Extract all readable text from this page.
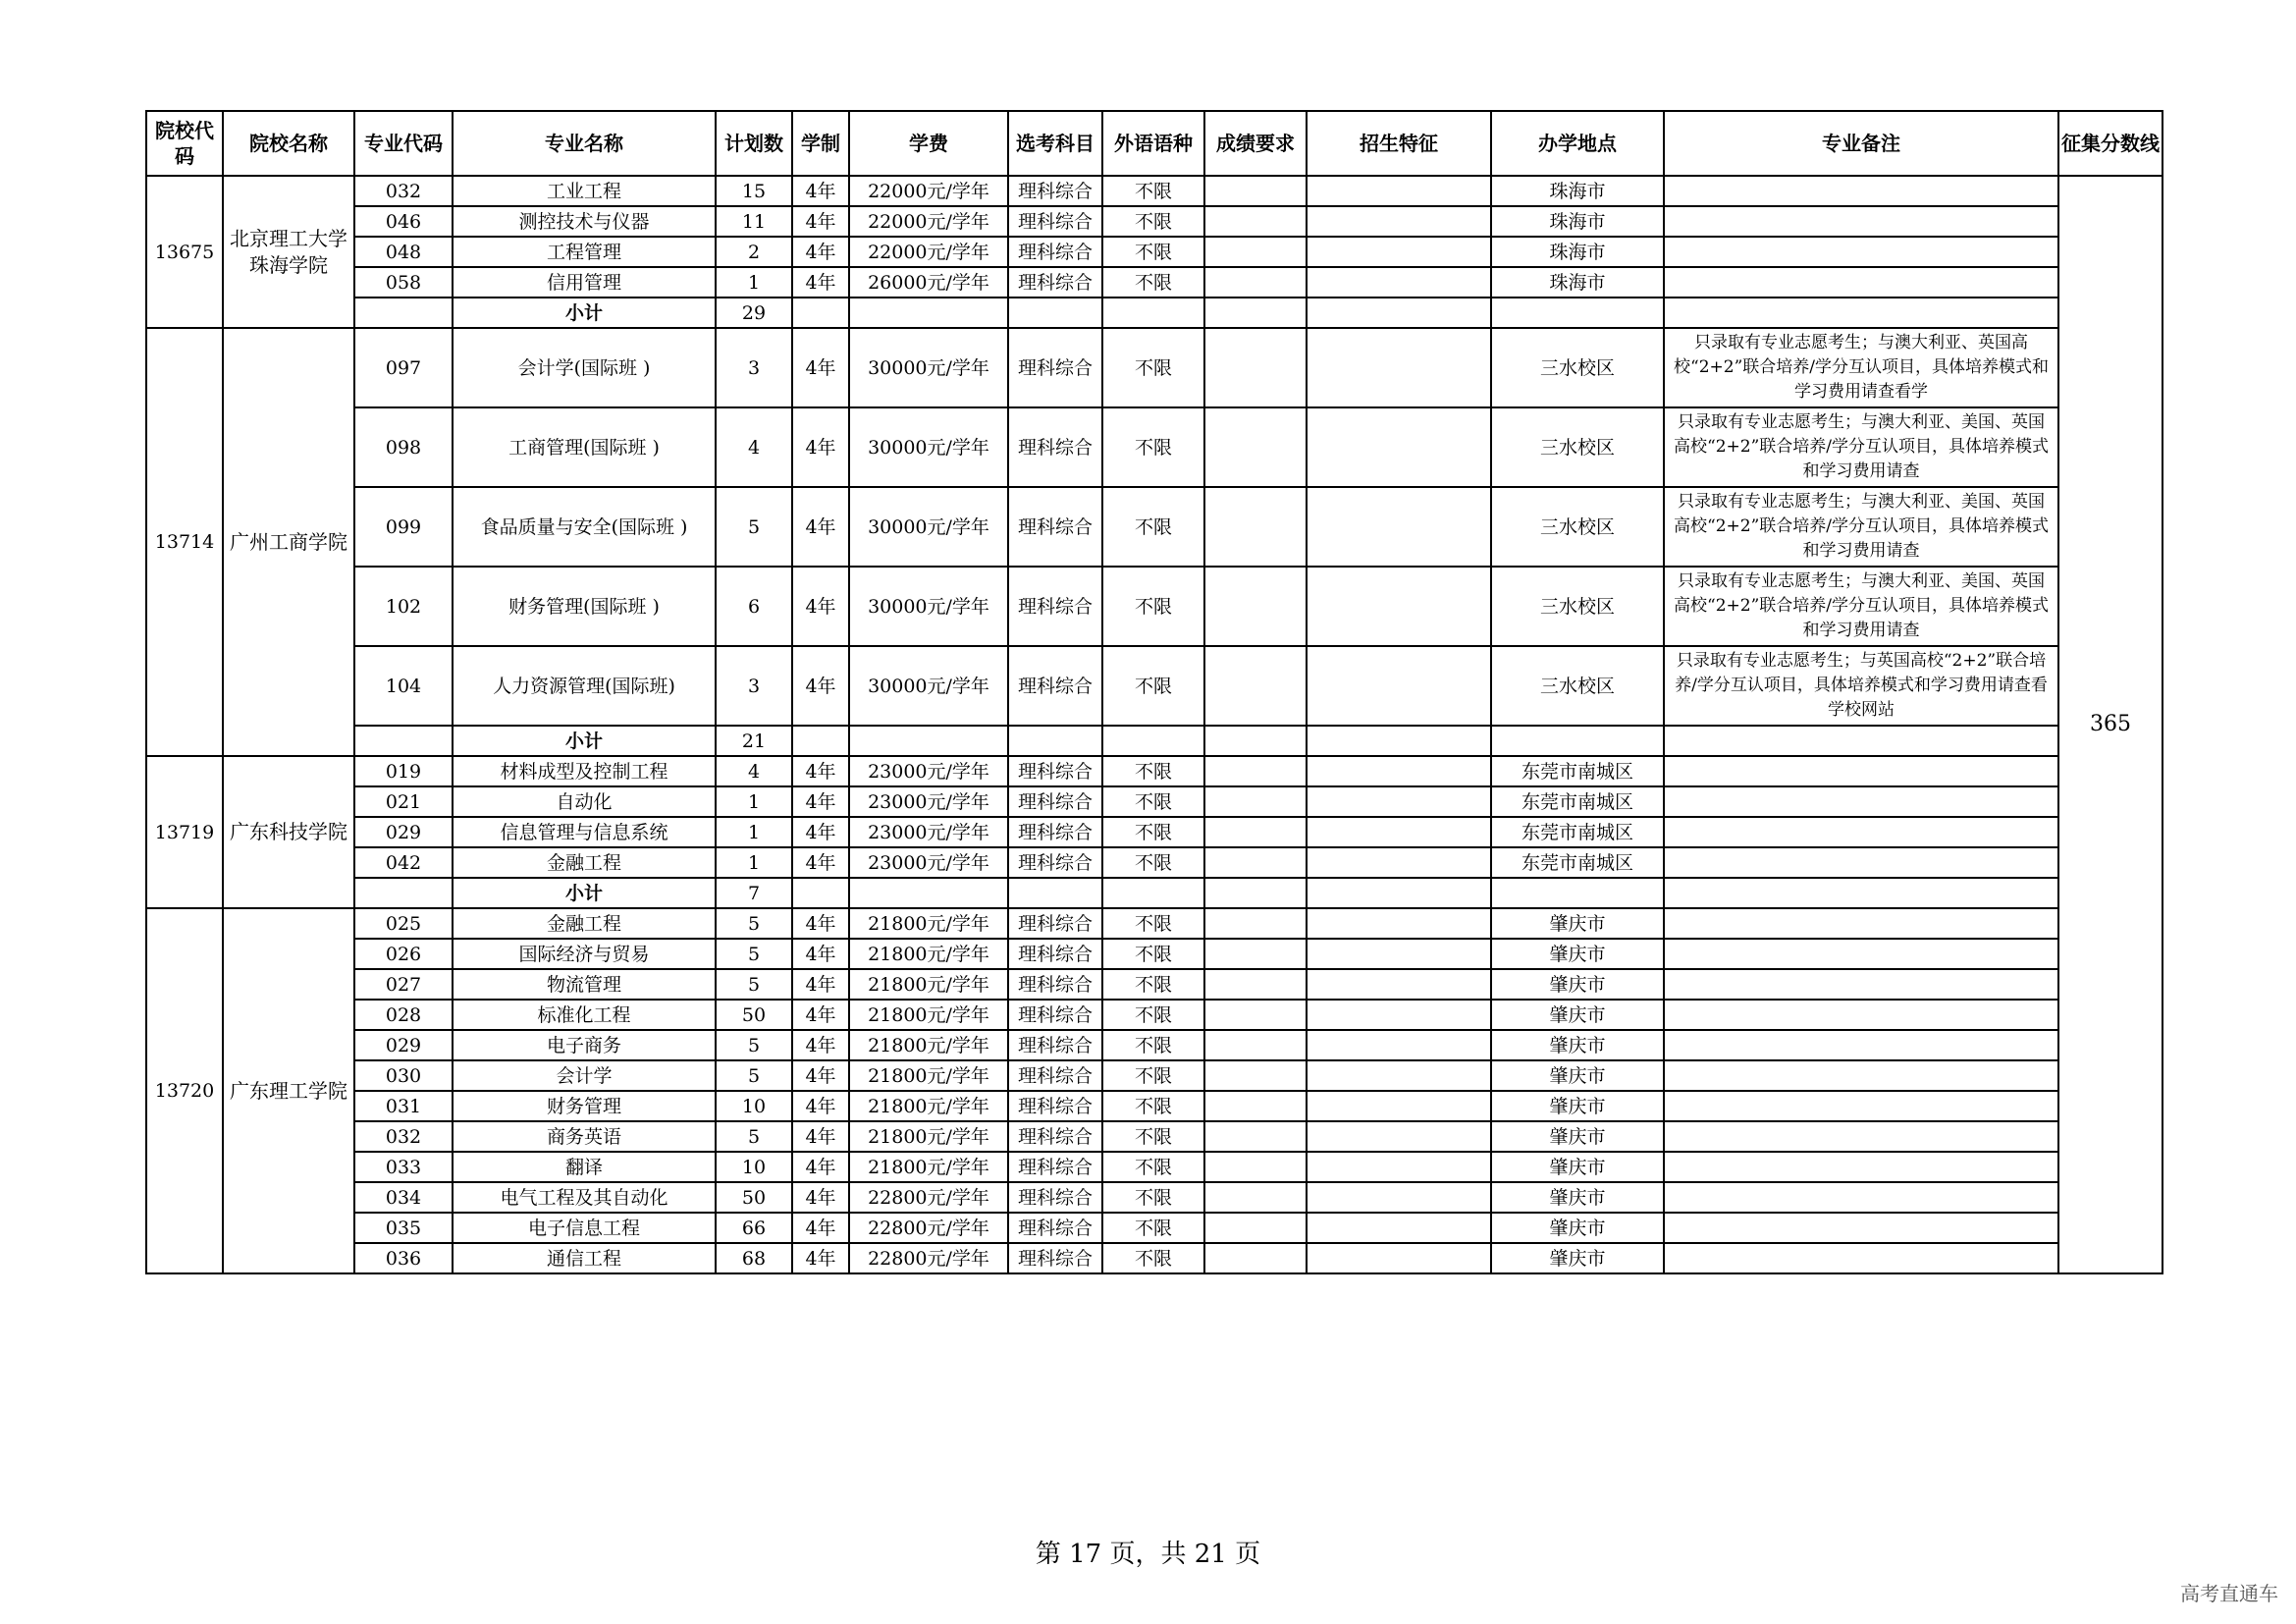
院校代码	院校名称	专业代码	专业名称	计划数	学制	学费	选考科目	外语语种	成绩要求	招生特征	办学地点	专业备注	征集分数线

13675	北京理工大学珠海学院	032	工业工程	15	4年	22000元/学年	理科综合	不限			珠海市		365
		046	测控技术与仪器	11	4年	22000元/学年	理科综合	不限			珠海市		
		048	工程管理	2	4年	22000元/学年	理科综合	不限			珠海市		
		058	信用管理	1	4年	26000元/学年	理科综合	不限			珠海市		
			小计	29									
13714	广州工商学院	097	会计学(国际班 )	3	4年	30000元/学年	理科综合	不限			三水校区	只录取有专业志愿考生；与澳大利亚、英国高校“2+2”联合培养/学分互认项目，具体培养模式和学习费用请查看学	
		098	工商管理(国际班 )	4	4年	30000元/学年	理科综合	不限			三水校区	只录取有专业志愿考生；与澳大利亚、美国、英国高校“2+2”联合培养/学分互认项目，具体培养模式和学习费用请查	
		099	食品质量与安全(国际班 )	5	4年	30000元/学年	理科综合	不限			三水校区	只录取有专业志愿考生；与澳大利亚、美国、英国高校“2+2”联合培养/学分互认项目，具体培养模式和学习费用请查	
		102	财务管理(国际班 )	6	4年	30000元/学年	理科综合	不限			三水校区	只录取有专业志愿考生；与澳大利亚、美国、英国高校“2+2”联合培养/学分互认项目，具体培养模式和学习费用请查	
		104	人力资源管理(国际班)	3	4年	30000元/学年	理科综合	不限			三水校区	只录取有专业志愿考生；与英国高校“2+2”联合培养/学分互认项目，具体培养模式和学习费用请查看学校网站	
			小计	21									
13719	广东科技学院	019	材料成型及控制工程	4	4年	23000元/学年	理科综合	不限			东莞市南城区		
		021	自动化	1	4年	23000元/学年	理科综合	不限			东莞市南城区		
		029	信息管理与信息系统	1	4年	23000元/学年	理科综合	不限			东莞市南城区		
		042	金融工程	1	4年	23000元/学年	理科综合	不限			东莞市南城区		
			小计	7									
13720	广东理工学院	025	金融工程	5	4年	21800元/学年	理科综合	不限			肇庆市		
		026	国际经济与贸易	5	4年	21800元/学年	理科综合	不限			肇庆市		
		027	物流管理	5	4年	21800元/学年	理科综合	不限			肇庆市		
		028	标准化工程	50	4年	21800元/学年	理科综合	不限			肇庆市		
		029	电子商务	5	4年	21800元/学年	理科综合	不限			肇庆市		
		030	会计学	5	4年	21800元/学年	理科综合	不限			肇庆市		
		031	财务管理	10	4年	21800元/学年	理科综合	不限			肇庆市		
		032	商务英语	5	4年	21800元/学年	理科综合	不限			肇庆市		
		033	翻译	10	4年	21800元/学年	理科综合	不限			肇庆市		
		034	电气工程及其自动化	50	4年	22800元/学年	理科综合	不限			肇庆市		
		035	电子信息工程	66	4年	22800元/学年	理科综合	不限			肇庆市		
		036	通信工程	68	4年	22800元/学年	理科综合	不限			肇庆市		
第 17 页，共 21 页
高考直通车
